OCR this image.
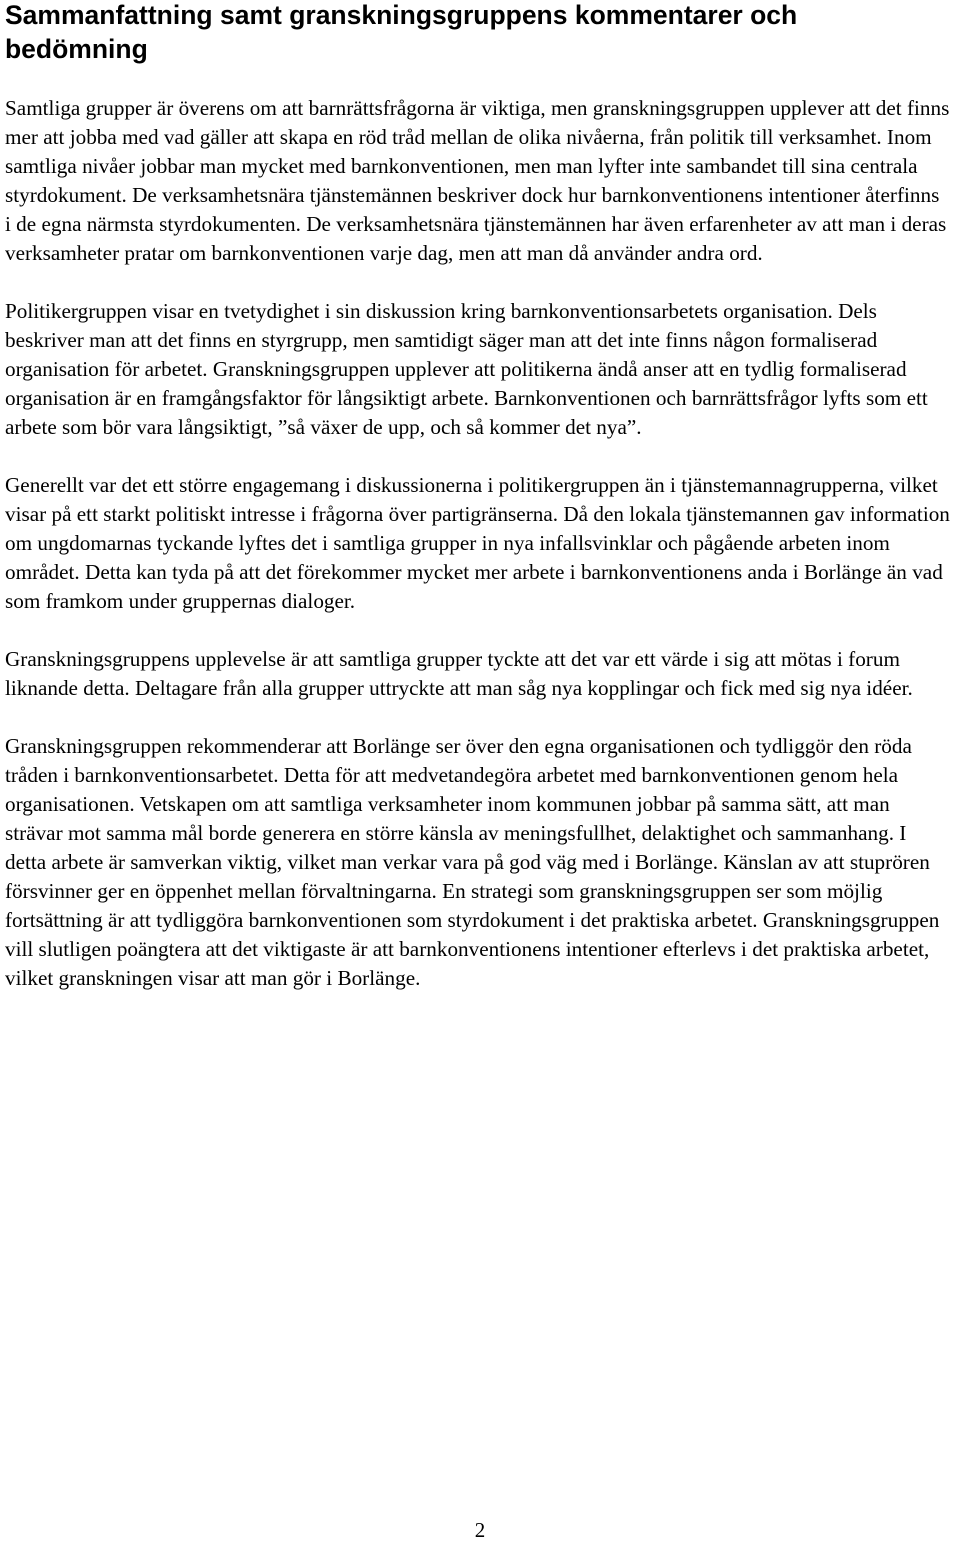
Sammanfattning samt granskningsgruppens kommentarer och bedömning

Samtliga grupper är överens om att barnrättsfrågorna är viktiga, men granskningsgruppen upplever att det finns mer att jobba med vad gäller att skapa en röd tråd mellan de olika nivåerna, från politik till verksamhet. Inom samtliga nivåer jobbar man mycket med barnkonventionen, men man lyfter inte sambandet till sina centrala styrdokument. De verksamhetsnära tjänstemännen beskriver dock hur barnkonventionens intentioner återfinns i de egna närmsta styrdokumenten. De verksamhetsnära tjänstemännen har även erfarenheter av att man i deras verksamheter pratar om barnkonventionen varje dag, men att man då använder andra ord.

Politikergruppen visar en tvetydighet i sin diskussion kring barnkonventionsarbetets organisation. Dels beskriver man att det finns en styrgrupp, men samtidigt säger man att det inte finns någon formaliserad organisation för arbetet. Granskningsgruppen upplever att politikerna ändå anser att en tydlig formaliserad organisation är en framgångsfaktor för långsiktigt arbete. Barnkonventionen och barnrättsfrågor lyfts som ett arbete som bör vara långsiktigt, ”så växer de upp, och så kommer det nya”.

Generellt var det ett större engagemang i diskussionerna i politikergruppen än i tjänstemannagrupperna, vilket visar på ett starkt politiskt intresse i frågorna över partigränserna. Då den lokala tjänstemannen gav information om ungdomarnas tyckande lyftes det i samtliga grupper in nya infallsvinklar och pågående arbeten inom området. Detta kan tyda på att det förekommer mycket mer arbete i barnkonventionens anda i Borlänge än vad som framkom under gruppernas dialoger.

Granskningsgruppens upplevelse är att samtliga grupper tyckte att det var ett värde i sig att mötas i forum liknande detta. Deltagare från alla grupper uttryckte att man såg nya kopplingar och fick med sig nya idéer.

Granskningsgruppen rekommenderar att Borlänge ser över den egna organisationen och tydliggör den röda tråden i barnkonventionsarbetet. Detta för att medvetandegöra arbetet med barnkonventionen genom hela organisationen. Vetskapen om att samtliga verksamheter inom kommunen jobbar på samma sätt, att man strävar mot samma mål borde generera en större känsla av meningsfullhet, delaktighet och sammanhang. I detta arbete är samverkan viktig, vilket man verkar vara på god väg med i Borlänge. Känslan av att stuprören försvinner ger en öppenhet mellan förvaltningarna. En strategi som granskningsgruppen ser som möjlig fortsättning är att tydliggöra barnkonventionen som styrdokument i det praktiska arbetet. Granskningsgruppen vill slutligen poängtera att det viktigaste är att barnkonventionens intentioner efterlevs i det praktiska arbetet, vilket granskningen visar att man gör i Borlänge.

2
